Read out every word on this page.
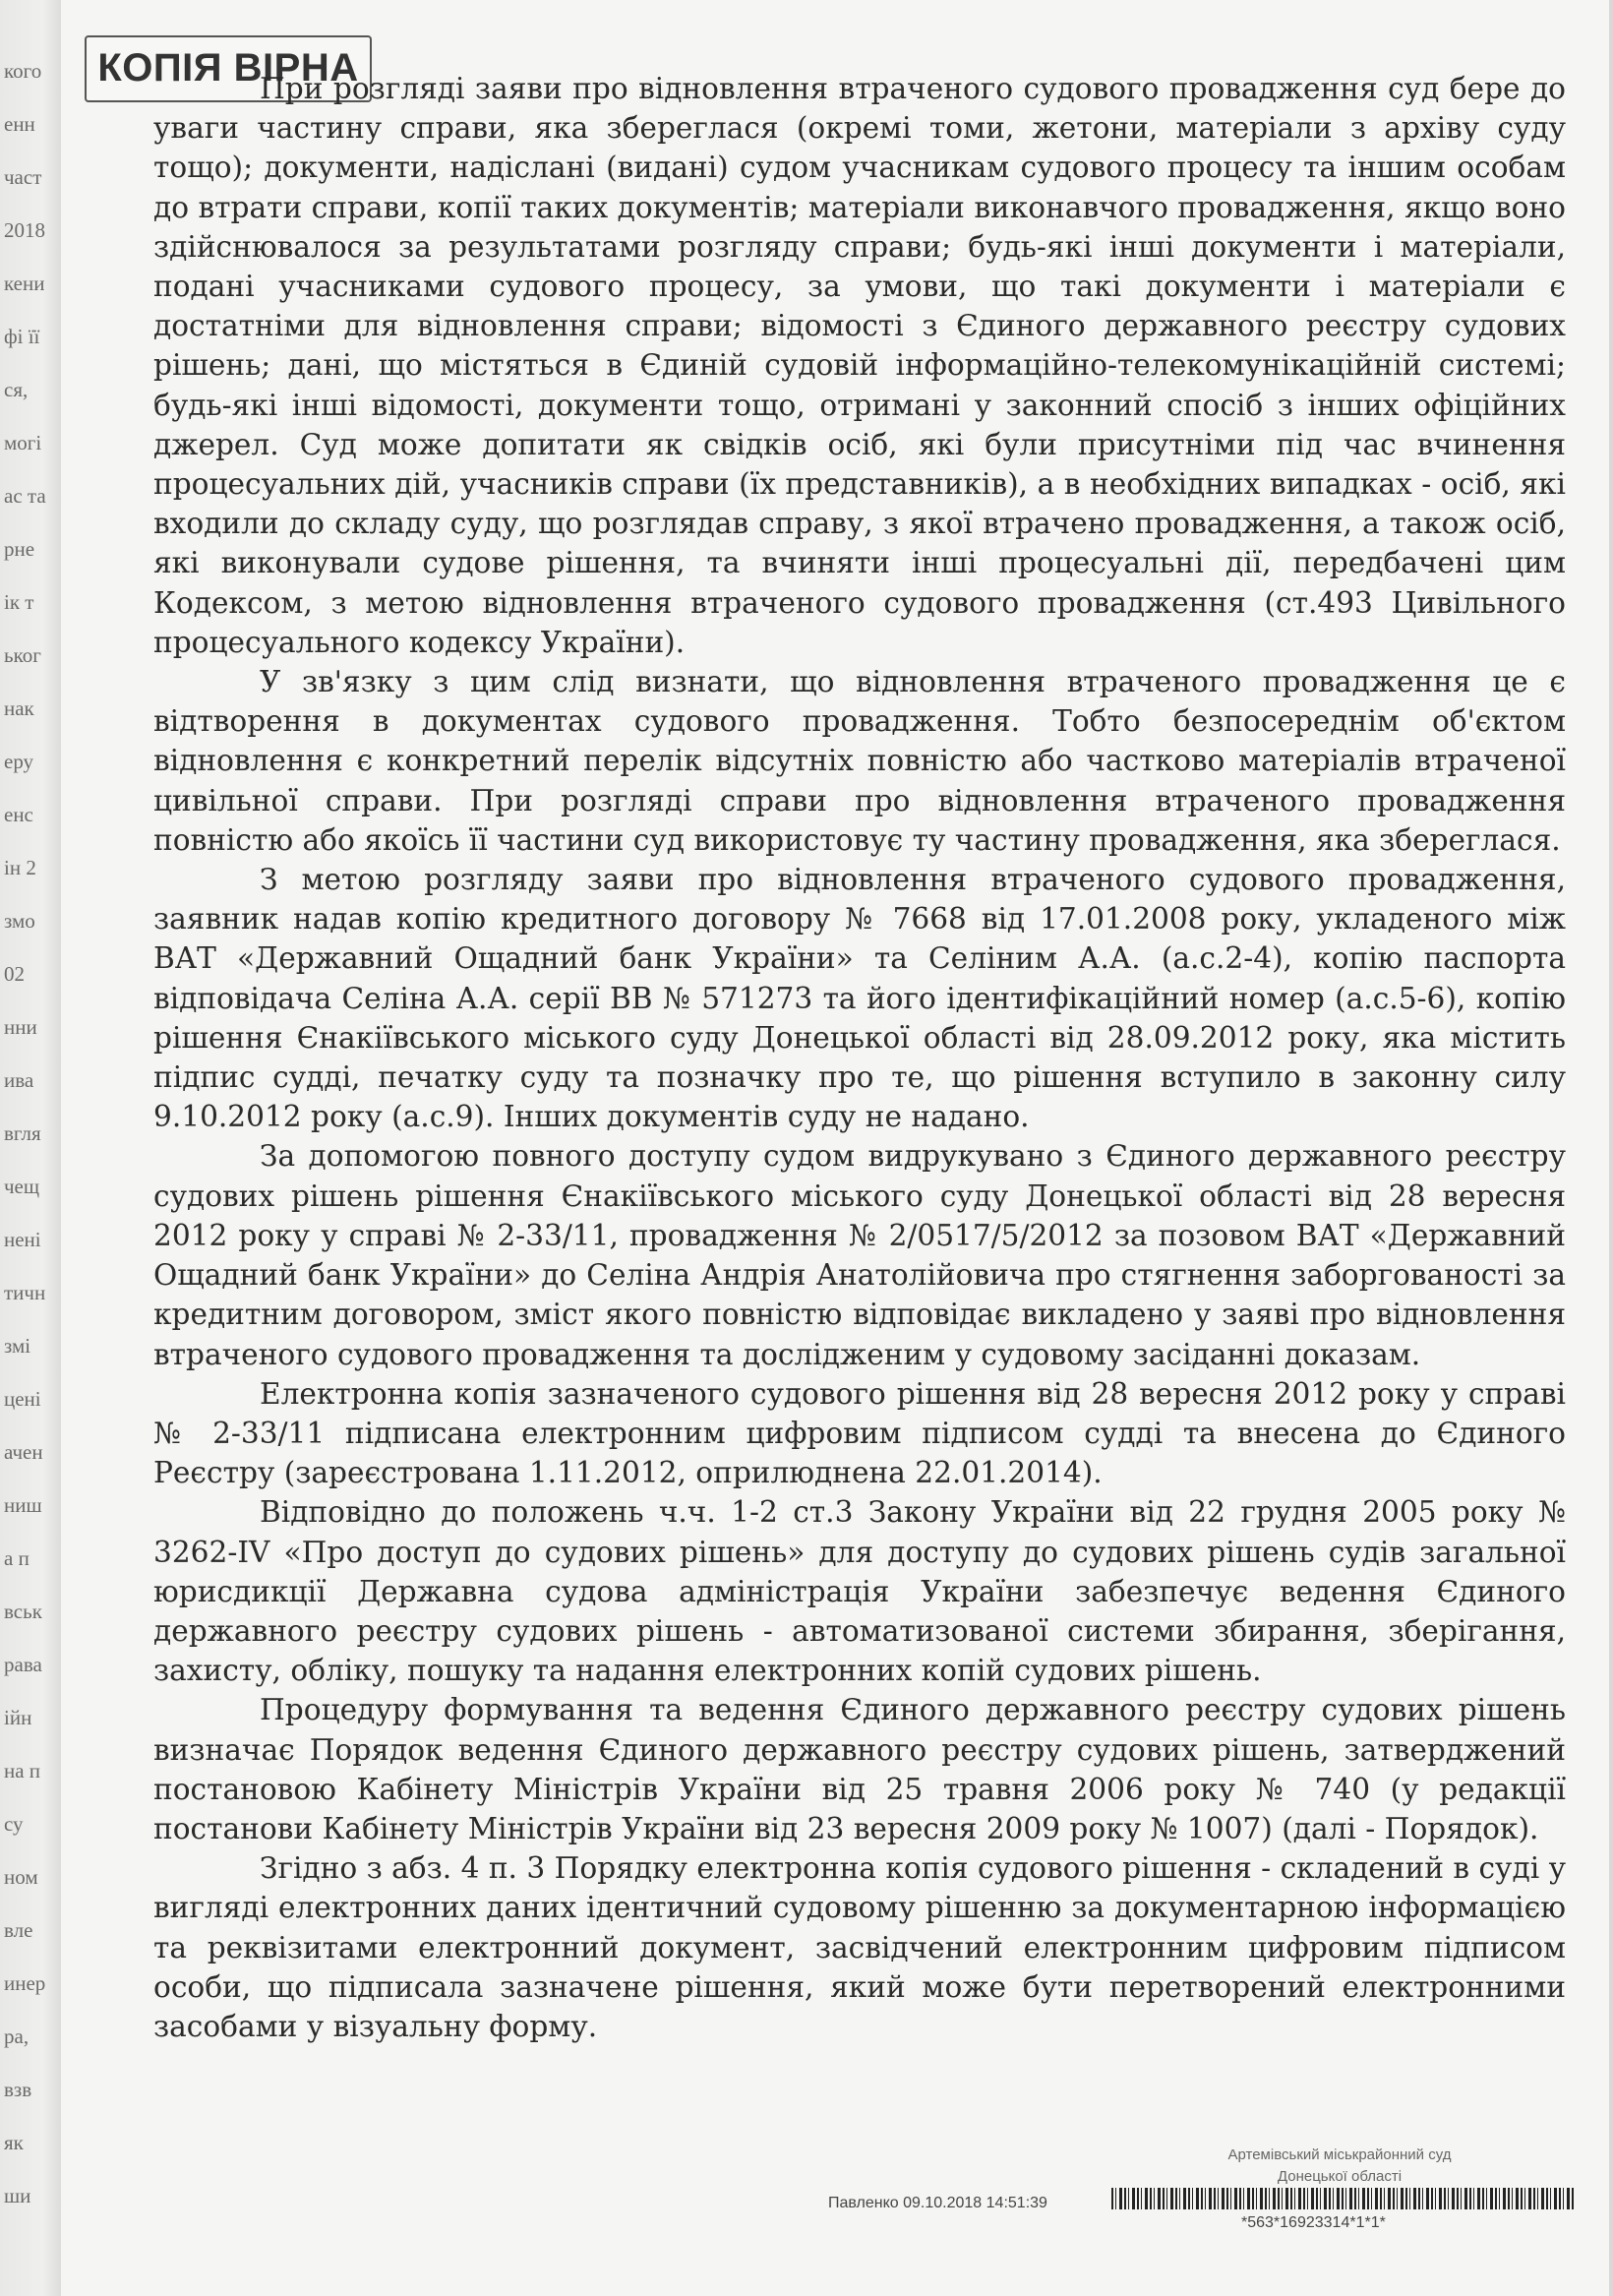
кого
енн
част
2018
кени
фі її
ся,
могі
ас та
рне
ік т
ьког
нак
еру
енс
ін 2
змо
02
нни
ива
вгля
чещ
нені
тичн
змі
цені
ачен
ниш
а п
вськ
рава
ійн
на п
су
ном
вле
инер
ра,
взв
як
ши
КОПІЯ ВІРНА

При розгляді заяви про відновлення втраченого судового провадження суд бере до уваги частину справи, яка збереглася (окремі томи, жетони, матеріали з архіву суду тощо); документи, надіслані (видані) судом учасникам судового процесу та іншим особам до втрати справи, копії таких документів; матеріали виконавчого провадження, якщо воно здійснювалося за результатами розгляду справи; будь-які інші документи і матеріали, подані учасниками судового процесу, за умови, що такі документи і матеріали є достатніми для відновлення справи; відомості з Єдиного державного реєстру судових рішень; дані, що містяться в Єдиній судовій інформаційно-телекомунікаційній системі; будь-які інші відомості, документи тощо, отримані у законний спосіб з інших офіційних джерел. Суд може допитати як свідків осіб, які були присутніми під час вчинення процесуальних дій, учасників справи (їх представників), а в необхідних випадках - осіб, які входили до складу суду, що розглядав справу, з якої втрачено провадження, а також осіб, які виконували судове рішення, та вчиняти інші процесуальні дії, передбачені цим Кодексом, з метою відновлення втраченого судового провадження (ст.493 Цивільного процесуального кодексу України).

У зв'язку з цим слід визнати, що відновлення втраченого провадження це є відтворення в документах судового провадження. Тобто безпосереднім об'єктом відновлення є конкретний перелік відсутніх повністю або частково матеріалів втраченої цивільної справи. При розгляді справи про відновлення втраченого провадження повністю або якоїсь її частини суд використовує ту частину провадження, яка збереглася.

З метою розгляду заяви про відновлення втраченого судового провадження, заявник надав копію кредитного договору № 7668 від 17.01.2008 року, укладеного між ВАТ «Державний Ощадний банк України» та Селіним А.А. (а.с.2-4), копію паспорта відповідача Селіна А.А. серії ВВ № 571273 та його ідентифікаційний номер (а.с.5-6), копію рішення Єнакіївського міського суду Донецької області від 28.09.2012 року, яка містить підпис судді, печатку суду та позначку про те, що рішення вступило в законну силу 9.10.2012 року (а.с.9). Інших документів суду не надано.

За допомогою повного доступу судом видрукувано з Єдиного державного реєстру судових рішень рішення Єнакіївського міського суду Донецької області від 28 вересня 2012 року у справі № 2-33/11, провадження № 2/0517/5/2012 за позовом ВАТ «Державний Ощадний банк України» до Селіна Андрія Анатолійовича про стягнення заборгованості за кредитним договором, зміст якого повністю відповідає викладено у заяві про відновлення втраченого судового провадження та дослідженим у судовому засіданні доказам.

Електронна копія зазначеного судового рішення від 28 вересня 2012 року у справі № 2-33/11 підписана електронним цифровим підписом судді та внесена до Єдиного Реєстру (зареєстрована 1.11.2012, оприлюднена 22.01.2014).

Відповідно до положень ч.ч. 1-2 ст.3 Закону України від 22 грудня 2005 року № 3262-IV «Про доступ до судових рішень» для доступу до судових рішень судів загальної юрисдикції Державна судова адміністрація України забезпечує ведення Єдиного державного реєстру судових рішень - автоматизованої системи збирання, зберігання, захисту, обліку, пошуку та надання електронних копій судових рішень.

Процедуру формування та ведення Єдиного державного реєстру судових рішень визначає Порядок ведення Єдиного державного реєстру судових рішень, затверджений постановою Кабінету Міністрів України від 25 травня 2006 року № 740 (у редакції постанови Кабінету Міністрів України від 23 вересня 2009 року № 1007) (далі - Порядок).

Згідно з абз. 4 п. 3 Порядку електронна копія судового рішення - складений в суді у вигляді електронних даних ідентичний судовому рішенню за документарною інформацією та реквізитами електронний документ, засвідчений електронним цифровим підписом особи, що підписала зазначене рішення, який може бути перетворений електронними засобами у візуальну форму.

Артемівський міськрайонний суд
Донецької області
Павленко 09.10.2018 14:51:39
*563*16923314*1*1*
